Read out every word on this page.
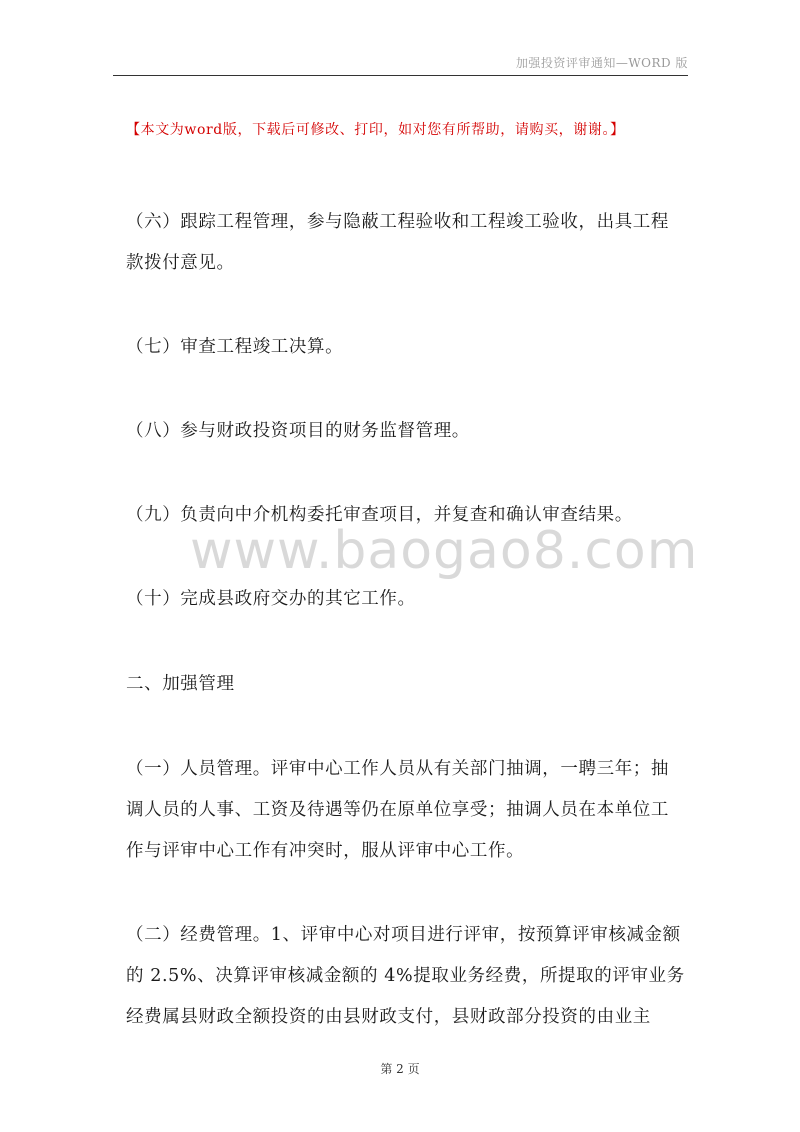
加强投资评审通知—WORD 版
【本文为word版，下载后可修改、打印，如对您有所帮助，请购买，谢谢。】

（六）跟踪工程管理，参与隐蔽工程验收和工程竣工验收，出具工程款拨付意见。

（七）审查工程竣工决算。

（八）参与财政投资项目的财务监督管理。

（九）负责向中介机构委托审查项目，并复查和确认审查结果。

www.baogao8.com

（十）完成县政府交办的其它工作。

二、加强管理

（一）人员管理。评审中心工作人员从有关部门抽调，一聘三年；抽调人员的人事、工资及待遇等仍在原单位享受；抽调人员在本单位工作与评审中心工作有冲突时，服从评审中心工作。

（二）经费管理。1、评审中心对项目进行评审，按预算评审核减金额的 2.5%、决算评审核减金额的 4%提取业务经费，所提取的评审业务经费属县财政全额投资的由县财政支付，县财政部分投资的由业主

第 2 页
